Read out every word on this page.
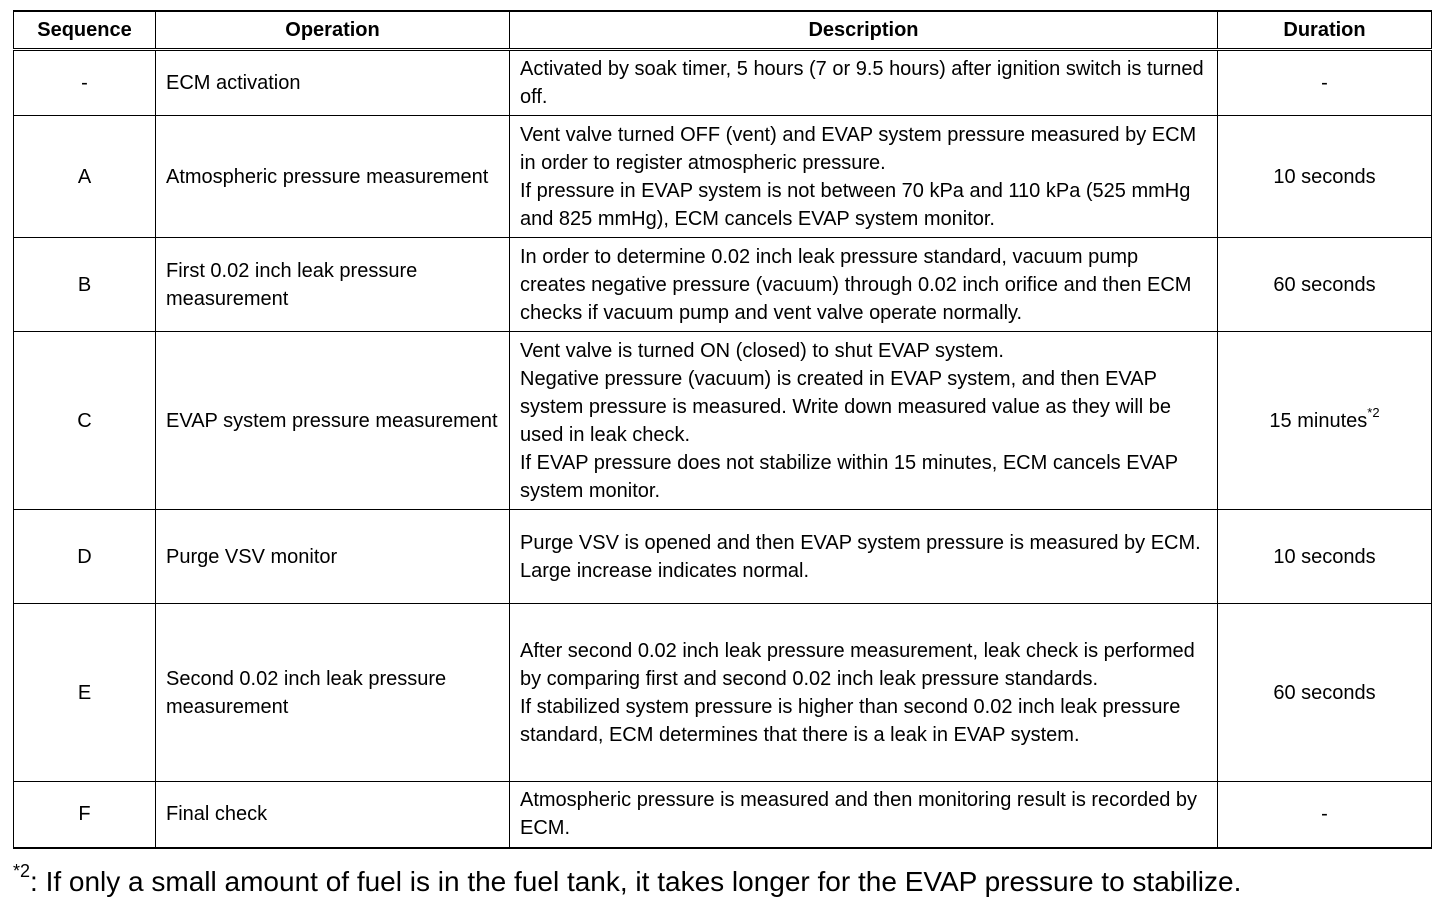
Sequence	Operation	Description	Duration
-	ECM activation	Activated by soak timer, 5 hours (7 or 9.5 hours) after ignition switch is turned off.	-
A	Atmospheric pressure measurement	Vent valve turned OFF (vent) and EVAP system pressure measured by ECM in order to register atmospheric pressure.
If pressure in EVAP system is not between 70 kPa and 110 kPa (525 mmHg and 825 mmHg), ECM cancels EVAP system monitor.	10 seconds
B	First 0.02 inch leak pressure measurement	In order to determine 0.02 inch leak pressure standard, vacuum pump creates negative pressure (vacuum) through 0.02 inch orifice and then ECM checks if vacuum pump and vent valve operate normally.	60 seconds
C	EVAP system pressure measurement	Vent valve is turned ON (closed) to shut EVAP system.
Negative pressure (vacuum) is created in EVAP system, and then EVAP system pressure is measured. Write down measured value as they will be used in leak check.
If EVAP pressure does not stabilize within 15 minutes, ECM cancels EVAP system monitor.	15 minutes$^{*2}$
D	Purge VSV monitor	Purge VSV is opened and then EVAP system pressure is measured by ECM.
Large increase indicates normal.	10 seconds
E	Second 0.02 inch leak pressure measurement	After second 0.02 inch leak pressure measurement, leak check is performed by comparing first and second 0.02 inch leak pressure standards.
If stabilized system pressure is higher than second 0.02 inch leak pressure standard, ECM determines that there is a leak in EVAP system.	60 seconds
F	Final check	Atmospheric pressure is measured and then monitoring result is recorded by ECM.	-
$^{*2}$: If only a small amount of fuel is in the fuel tank, it takes longer for the EVAP pressure to stabilize.
